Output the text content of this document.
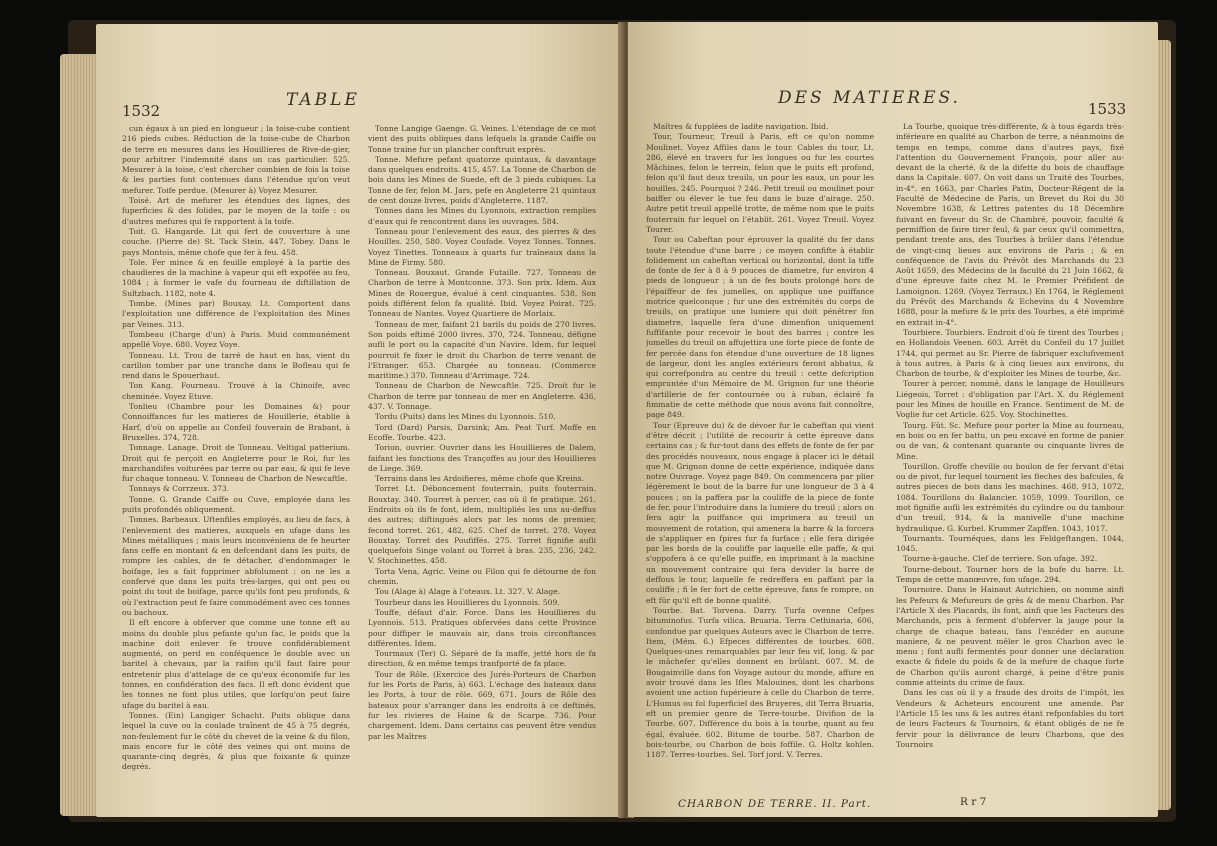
1532
TABLE

cun égaux à un pied en longueur ; la toise-cube contient 216 pieds cubes. Réduction de la toise-cube de Charbon de terre en mesures dans les Houillieres de Rive-de-gier, pour arbitrer l'indemnité dans un cas particulier. 525. Mesurer à la toise, c'est chercher combien de fois la toise & les parties font contenues dans l'étendue qu'on veut mefurer. Toife perdue. (Mesurer à) Voyez Mesurer.

Toisé. Art de mefurer les étendues des lignes, des fuperficies & des folides, par le moyen de la toife : ou d'autres mefures qui fe rapportent à la toife.

Toit. G. Hangarde. Lit qui fert de couverture à une couche. (Pierre de) St. Tack Stein. 447. Tobey. Dans le pays Montois, même chofe que fer à feu. 458.

Tole. Fer mince & en feuille employé à la partie des chaudieres de la machine à vapeur qui eft expofée au feu, 1084 ; à former le vafe du fourneau de diftillation de Sultzbach. 1182, note 4.

Tombe. (Mines par) Bouxay. Lt. Comportent dans l'exploitation une différence de l'exploitation des Mines par Veines. 313.

Tombeau (Charge d'un) à Paris. Muid communément appellé Voye. 680. Voyez Voye.

Tonneau. Lt. Trou de tarré de haut en bas, vient du carillon tomber par une tranche dans le Bofleau qui fe rend dans le Spouerhaut.

Ton Kang. Fourneau. Trouvé à la Chinoife, avec cheminée. Voyez Etuve.

Tonlieu (Chambre pour les Domaines &) pour Connoiffances fur les matieres de Houillerie, établie à Harf, d'où on appelle au Confeil fouverain de Brabant, à Bruxelles. 374, 728.

Tonnage. Lanage. Droit de Tonneau. Veltigal patterium. Droit qui fe perçoit en Angleterre pour le Roi, fur les marchandifes voiturées par terre ou par eau, & qui fe leve fur chaque tonneau. V. Tonneau de Charbon de Newcaftle.

Tonnays & Corrzeux. 373.

Tonne. G. Grande Caiffe ou Cuve, employée dans les puits profondés obliquement.

Tonnes. Barbeaux. Uftenfiles employés, au lieu de facs, à l'enlevement des matieres, auxquels en ufage dans les Mines métalliques ; mais leurs inconvéniens de fe heurter fans ceffe en montant & en defcendant dans les puits, de rompre les cables, de fe détacher, d'endommager le boifage, les a fait fupprimer abfolument : on ne les a confervé que dans les puits très-larges, qui ont peu ou point du tout de boifage, parce qu'ils font peu profonds, & où l'extraction peut fe faire commodément avec ces tonnes ou bachoux.

Il eft encore à obferver que comme une tonne eft au moins du double plus pefante qu'un fac, le poids que la machine doit enlever fe trouve confidérablement augmenté, on perd en conféquence le double avec un baritel à chevaux, par la raifon qu'il faut faire pour entretenir plus d'attelage de ce qu'eux économife fur les tonnes, en confidération des facs. Il eft donc évident que les tonnes ne font plus utiles, que lorfqu'on peut faire ufage du baritel à eau.

Tonnes. (Ein) Langiger Schacht. Puits oblique dans lequel la cuve ou la coulade traînent de 45 à 75 degrés, non-feulement fur le côté du chevet de la veine & du filon, mais encore fur le côté des veines qui ont moins de quarante-cinq degrés, & plus que foixante & quinze degrés.

Tonne Langige Gaenge. G. Veines. L'étendage de ce mot vient des puits obliques dans lefquels la grande Caiffe ou Tonne traine fur un plancher conftruit exprès.

Tonne. Mefure pefant quatorze quintaux, & davantage dans quelques endroits. 415, 457. La Tonne de Charbon de bois dans les Mines de Suede, eft de 3 pieds cubiques. La Tonne de fer, felon M. Jars, pefe en Angleterre 21 quintaux de cent douze livres, poids d'Angleterre. 1187.

Tonnes dans les Mines du Lyonnois, extraction remplies d'eaux qui fe rencontrent dans les ouvrages. 584.

Tonneau pour l'enlevement des eaux, des pierres & des Houilles. 250, 580. Voyez Coufade. Voyez Tonnes. Tonnes. Voyez Tinettes. Tonneaux à quarts fur traîneaux dans la Mine de Firmy. 580.

Tonneau. Bouxaut. Grande Futaille. 727. Tonneau de Charbon de terre à Montconne. 373. Son prix. Idem. Aux Mines de Rouergue, évalué à cent cinquantes. 538. Son poids différent felon fa qualité. Ibid. Voyez Poirat. 725. Tonneau de Nantes. Voyez Quartiere de Morlaix.

Tonneau de mer, faifant 21 barils du poids de 270 livres. Son poids eftimé 2000 livres. 370, 724. Tonneau, défigne aufli le port ou la capacité d'un Navire. Idem, fur lequel pourroit fe fixer le droit du Charbon de terre venant de l'Etranger. 653. Chargée au tonneau. (Commerce maritime.) 370. Tonneau d'Arrimage. 724.

Tonneau de Charbon de Newcaftle. 725. Droit fur le Charbon de terre par tonneau de mer en Angleterre. 436, 437. V. Tonnage.

Tordu (Puits) dans les Mines du Lyonnois. 510.

Tord (Dard) Parsis, Darsink; Am. Peat Turf. Moffe en Ecoffe. Tourbe. 423.

Torion, ouvrier. Ouvrier dans les Houillieres de Dalem, faifant les fonctions des Trançoffes au jour des Houillieres de Liege. 369.

Terrains dans les Ardoifieres, même chofe que Kreins.

Torret Lt. Déboncement fouterrain, puits fouterrain. Bouxtay. 340. Tourret à percer, cas où il fe pratique. 261. Endroits où ils fe font, idem, multipliés les uns au-deffus des autres; diftingués alors par les noms de premier, fecond torret. 261, 482, 625. Chef de torret. 278. Voyez Bouxtay. Torret des Poufiffés. 275. Torret fignifie aufli quelquefois Singe volant ou Torret à bras. 235, 236, 242. V. Stochinettes. 458.

Torta Vena, Agric. Veine ou Filon qui fe détourne de fon chemin.

Tou (Alage à) Alage à l'oteaux. Lt. 327. V. Alage.

Tourbeur dans les Houillieres du Lyonnois. 509.

Touffe, défaut d'air. Force. Dans les Houillieres du Lyonnois. 513. Pratiques obfervées dans cette Province pour diffiper le mauvais air, dans trois circonftances différentes. Idem.

Tourmaux (Ter) G. Séparé de fa maffe, jetté hors de fa direction, & en même temps tranfporté de fa place.

Tour de Rôle. (Exercice des Jurés-Porteurs de Charbon fur les Ports de Paris, à) 663. L'échage des bateaux dans les Ports, à tour de rôle. 669, 671. Jours de Rôle des bateaux pour s'arranger dans les endroits à ce deftinés, fur les rivieres de Haine & de Scarpe. 736. Pour chargement. Idem. Dans certains cas peuvent être vendus par les Maîtres

DES MATIERES.
1533

Maîtres & fupplées de ladite navigation. Ibid.

Tour, Tourneur, Treuil à Paris, eft ce qu'on nomme Moulinet. Voyez Affiles dans le tour. Cables du tour, Lt. 286, élevé en travers fur les longues ou fur les courtes Mâchines, felon le terrein, felon que le puits eft profond, felon qu'il faut deux treuils, un pour les eaux, un pour les houilles. 245. Pourquoi ? 246. Petit treuil ou moulinet pour baiffer ou élever le tue feu dans le buze d'airage. 250. Autre petit treuil appellé trotte, de même nom que le puits fouterrain fur lequel on l'établit. 261. Voyez Treuil. Voyez Tourer.

Tour ou Cabeftan pour éprouver la qualité du fer dans toute l'étendue d'une barre ; ce moyen confifte à établir folidement un cabeftan vertical ou horizontal, dont la tiffe de fonte de fer à 8 à 9 pouces de diametre, fur environ 4 pieds de longueur ; à un de fes bouts prolongé hors de l'épaiffeur de fes jumelles, on applique une puiffance motrice quelconque ; fur une des extrémités du corps de treuils, on pratique une lumiere qui doit pénétrer fon diametre, laquelle fera d'une dimenfion uniquement fuffifante pour recevoir le bout des barres ; contre les jumelles du treuil on affujettira une forte piece de fonte de fer percée dans fon étendue d'une ouverture de 18 lignes de largeur, dont les angles extérieurs feront abbatus, & qui correfpondra au centre du treuil : cette defcription empruntée d'un Mémoire de M. Grignon fur une théorie d'artillerie de fer contournée ou à ruban, éclairé fa fimmatie de cette méthode que nous avons fait connoître, page 849.

Tour (Epreuve du) & de dévoer fur le cabeftan qui vient d'être décrit ; l'utilité de recourir à cette épreuve dans certains cas ; & fur-tout dans des effets de fonte de fer par des procédés nouveaux, nous engage à placer ici le détail que M. Grignon donne de cette expérience, indiquée dans notre Ouvrage. Voyez page 849. On commencera par plier légèrement le bout de la barre fur une longueur de 3 à 4 pouces ; on la pafferа par la couliffe de la piece de fonte de fer, pour l'introduire dans la lumiere du treuil ; alors on fera agir la puiffance qui imprimera au treuil un mouvement de rotation, qui amenera la barre & la forcera de s'appliquer en fpires fur fa furface ; elle fera dirigée par les bords de la couliffe par laquelle elle paffe, & qui s'oppofera à ce qu'elle puiffe, en imprimant à la machine un mouvement contraire qui fera devider la barre de deffous le tour, laquelle fe redreffera en paffant par la couliffe ; fi le fer fort de cette épreuve, fans fe rompre, on eft fûr qu'il eft de bonne qualité.

Tourbe. Bat. Torvena. Darry. Turfa ovenne Cefpes bituminofus. Turfa vilica. Bruaria. Terra Cethinaria, 606, confondue par quelques Auteurs avec le Charbon de terre. Item, (Mém. 6.) Efpeces différentes de tourbes. 608. Quelques-unes remarquables par leur feu vif, long, & par le mâchefer qu'elles donnent en brûlant. 607. M. de Bougainville dans fon Voyage autour du monde, affure en avoir trouvé dans les Ifles Malouines, dont les charbons avoient une action fupérieure à celle du Charbon de terre. L'Humus ou fol fuperficiel des Bruyeres, dit Terra Bruaria, eft un premier genre de Terre-tourbe. Divifion de la Tourbe. 607. Différence du bois à la tourbe, quant au feu égal, évaluée. 602. Bitume de tourbe. 587. Charbon de bois-tourbe, ou Charbon de bois foffile. G. Holtz kohlen. 1187. Terres-tourbes. Sel. Torf jord. V. Terres.

La Tourbe, quoique très-différente, & à tous égards très-inférieure en qualité au Charbon de terre, a néanmoins de temps en temps, comme dans d'autres pays, fixé l'attention du Gouvernement François, pour aller au-devant de la cherté, & de la difette du bois de chauffage dans la Capitale. 607. On voit dans un Traité des Tourbes, in-4°. en 1663, par Charles Patin, Docteur-Régent de la Faculté de Médecine de Paris, un Brevet du Roi du 30 Novembre 1638, & Lettres patentes du 18 Décembre fuivant en faveur du Sr. de Chambré, pouvoir, faculté & permiffion de faire tirer feul, & par ceux qu'il commettra, pendant trente ans, des Tourbes à brûler dans l'étendue de vingt-cinq lieues aux environs de Paris ; & en conféquence de l'avis du Prévôt des Marchands du 23 Août 1659, des Médecins de la faculté du 21 Juin 1662, & d'une épreuve faite chez M. le Premier Préfident de Lamoignon. 1269. (Voyez Terraux.) En 1764, le Réglement du Prévôt des Marchands & Echevins du 4 Novembre 1688, pour la mefure & le prix des Tourbes, a été imprimé en extrait in-4°.

Tourbiere. Tourbiers. Endroit d'où fe tirent des Tourbes ; en Hollandois Veenen. 603. Arrêt du Confeil du 17 Juillet 1744, qui permet au Sr. Pierre de fabriquer exclufivement à tous autres, à Paris & à cinq lieues aux environs, du Charbon de tourbe, & d'exploiter les Mines de tourbe, &c.

Tourer à percer, nommé, dans le langage de Houilleurs Liégeois, Torret : d'obligation par l'Art. X. du Réglement pour les Mines de houille en France. Sentiment de M. de Voglie fur cet Article. 625. Voy. Stochinettes.

Tourg. Fût. Sc. Mefure pour porter la Mine au fourneau, en bois ou en fer battu, un peu excavé en forme de panier ou de van, & contenant quarante ou cinquante livres de Mine.

Tourillon. Groffe cheville ou boulon de fer fervant d'étai ou de pivot, fur lequel tournent les fleches des bafcules, & autres pieces de bois dans les machines. 468, 913, 1072, 1084. Tourillons du Balancier. 1059, 1099. Tourillon, ce mot fignifie aufli les extrémités du cylindre ou du tambour d'un treuil, 914, & la manivelle d'une machine hydraulique. G. Kurbel. Krummer Zapffen. 1043, 1017.

Tournants. Tournéques, dans les Feldgeftangen. 1044, 1045.

Tourne-à-gauche. Clef de terriere. Son ufage. 392.

Tourne-debout. Tourner hors de la bufe du barre. Lt. Temps de cette manœuvre, fon ufage. 294.

Tournoire. Dans le Hainaut Autrichien, on nomme ainfi les Pefeurs & Mefureurs de grès & de menu Charbon. Par l'Article X des Placards, ils font, ainfi que les Facteurs des Marchands, pris à ferment d'obferver la jauge pour la charge de chaque bateau, fans l'excéder en aucune maniere, & ne peuvent mêler le gros Charbon avec le menu ; font aufli fermentés pour donner une déclaration exacte & fidele du poids & de la mefure de chaque forte de Charbon qu'ils auront chargé, à peine d'être punis comme atteints du crime de faux.

Dans les cas où il y a fraude des droits de l'impôt, les Vendeurs & Acheteurs encourent une amende. Par l'Article 15 les uns & les autres étant refponfables du tort de leurs Facteurs & Tournoirs, & étant obligés de ne fe fervir pour la délivrance de leurs Charbons, que des Tournoirs

CHARBON DE TERRE. II. Part.	R r 7
